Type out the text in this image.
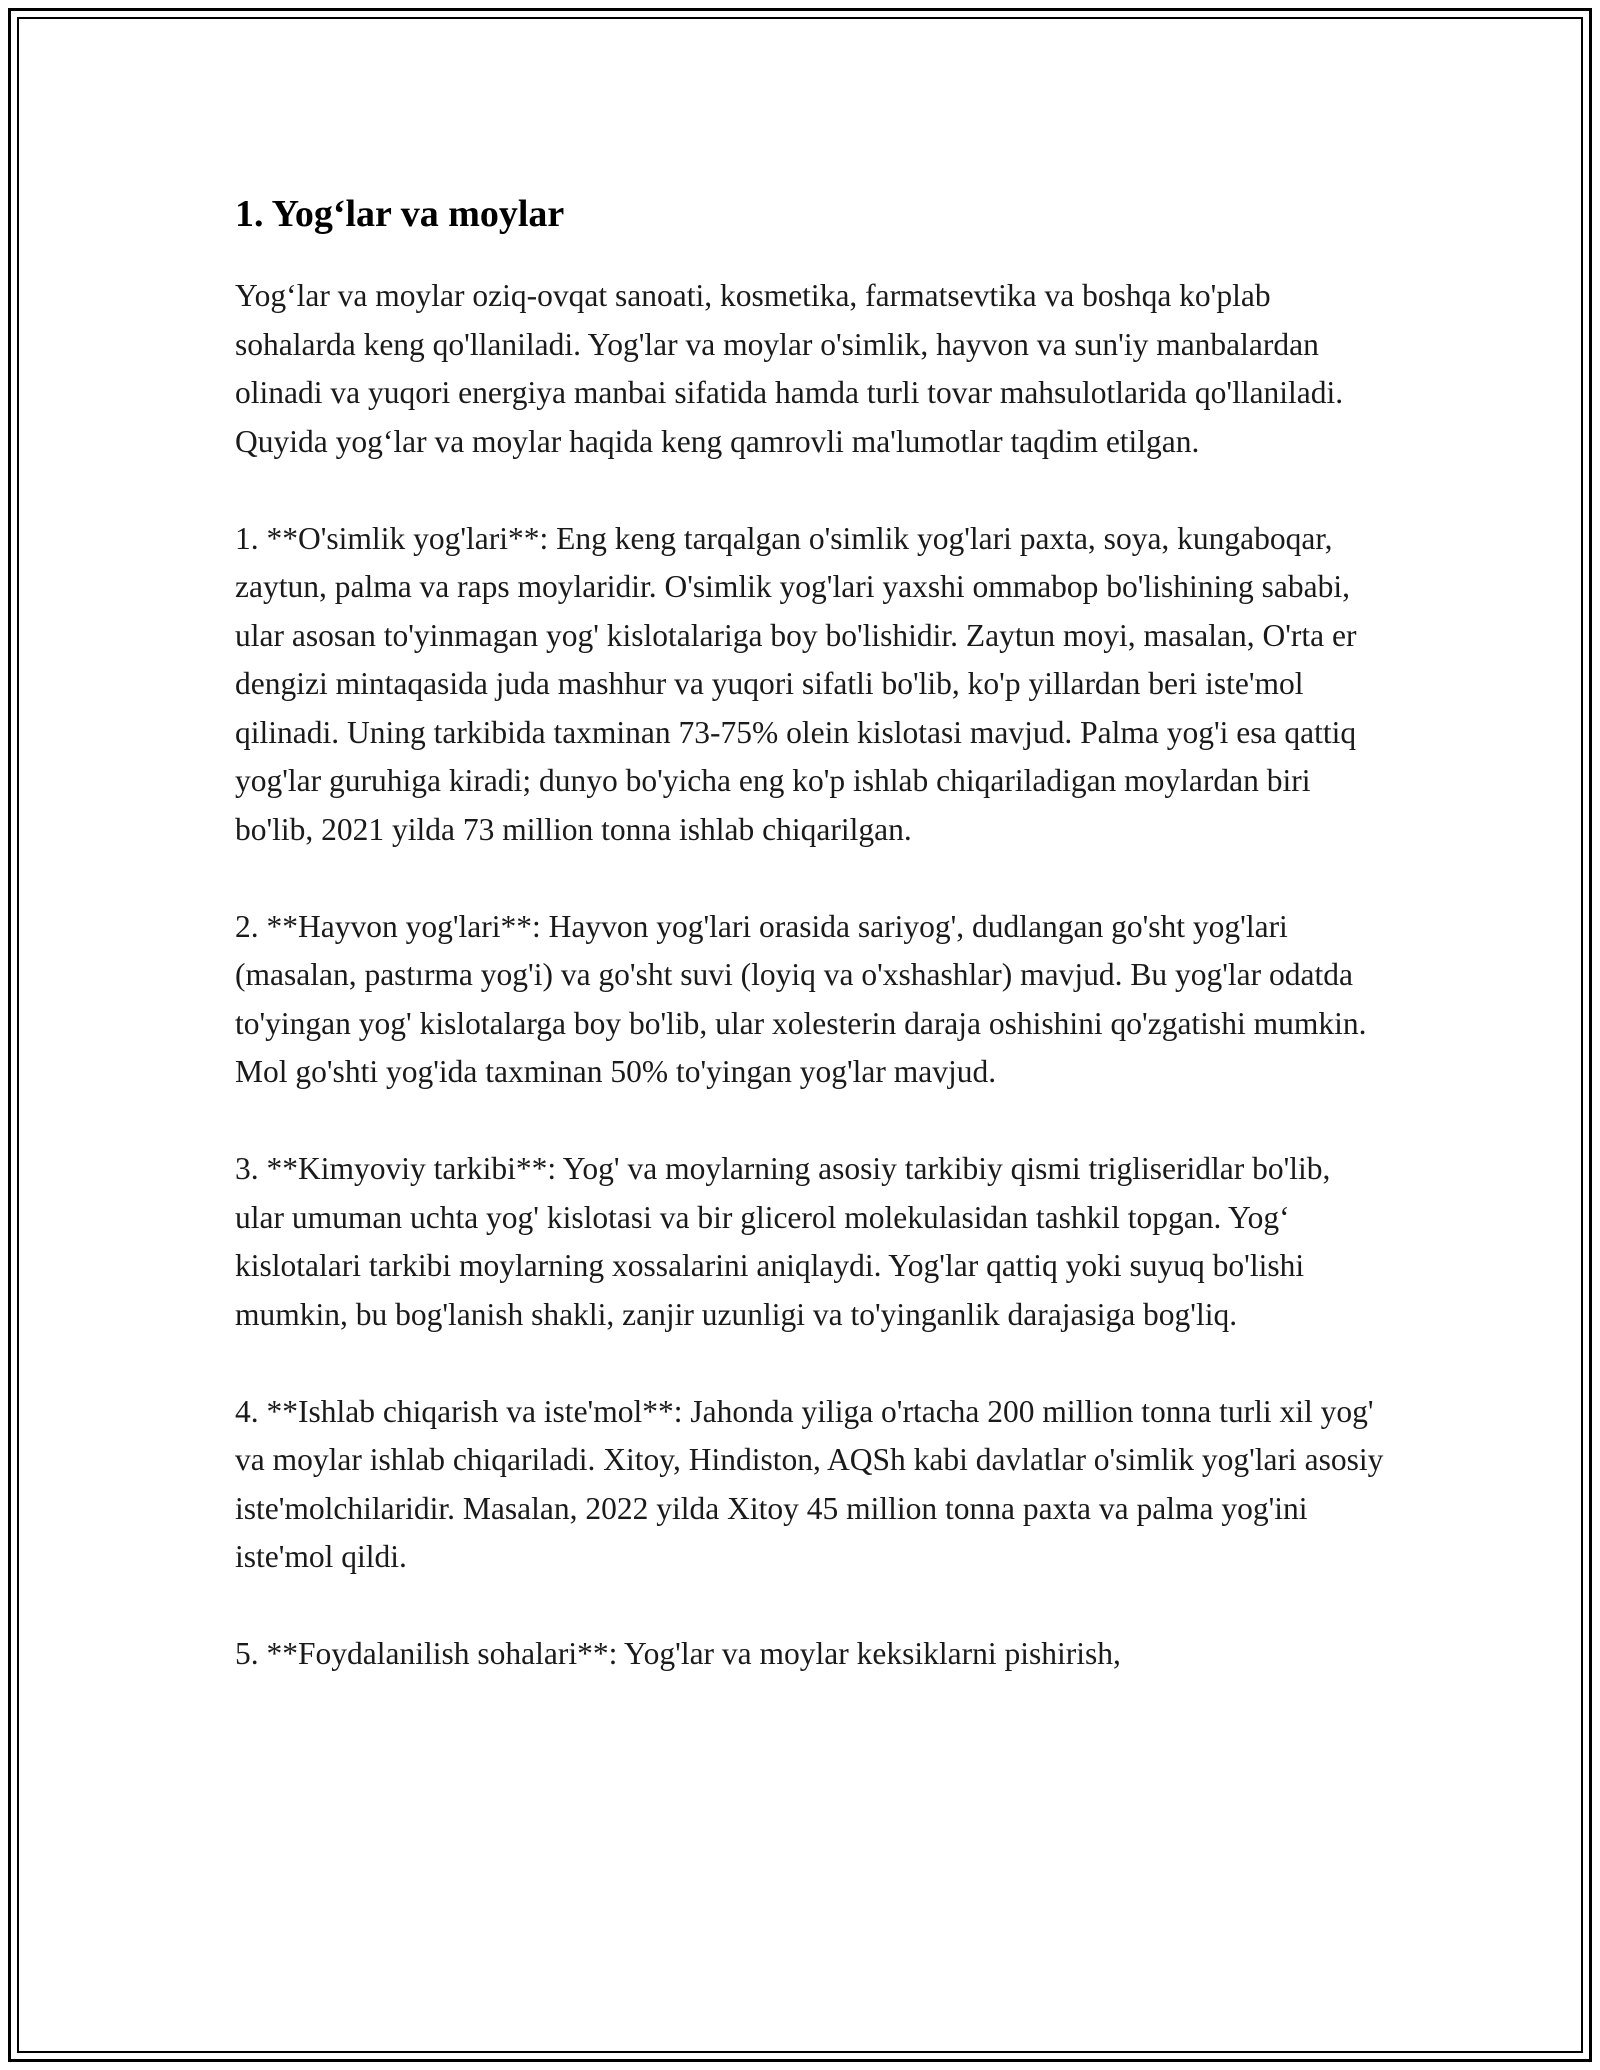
1. Yog‘lar va moylar

Yog‘lar va moylar oziq-ovqat sanoati, kosmetika, farmatsevtika va boshqa ko'plab sohalarda keng qo'llaniladi. Yog'lar va moylar o'simlik, hayvon va sun'iy manbalardan olinadi va yuqori energiya manbai sifatida hamda turli tovar mahsulotlarida qo'llaniladi. Quyida yog‘lar va moylar haqida keng qamrovli ma'lumotlar taqdim etilgan.

1. **O'simlik yog'lari**: Eng keng tarqalgan o'simlik yog'lari paxta, soya, kungaboqar, zaytun, palma va raps moylaridir. O'simlik yog'lari yaxshi ommabop bo'lishining sababi, ular asosan to'yinmagan yog' kislotalariga boy bo'lishidir. Zaytun moyi, masalan, O'rta er dengizi mintaqasida juda mashhur va yuqori sifatli bo'lib, ko'p yillardan beri iste'mol qilinadi. Uning tarkibida taxminan 73-75% olein kislotasi mavjud. Palma yog'i esa qattiq yog'lar guruhiga kiradi; dunyo bo'yicha eng ko'p ishlab chiqariladigan moylardan biri bo'lib, 2021 yilda 73 million tonna ishlab chiqarilgan.

2. **Hayvon yog'lari**: Hayvon yog'lari orasida sariyog', dudlangan go'sht yog'lari (masalan, pastırma yog'i) va go'sht suvi (loyiq va o'xshashlar) mavjud. Bu yog'lar odatda to'yingan yog' kislotalarga boy bo'lib, ular xolesterin daraja oshishini qo'zgatishi mumkin. Mol go'shti yog'ida taxminan 50% to'yingan yog'lar mavjud.

3. **Kimyoviy tarkibi**: Yog' va moylarning asosiy tarkibiy qismi trigliseridlar bo'lib, ular umuman uchta yog' kislotasi va bir glicerol molekulasidan tashkil topgan. Yog‘ kislotalari tarkibi moylarning xossalarini aniqlaydi. Yog'lar qattiq yoki suyuq bo'lishi mumkin, bu bog'lanish shakli, zanjir uzunligi va to'yinganlik darajasiga bog'liq.

4. **Ishlab chiqarish va iste'mol**: Jahonda yiliga o'rtacha 200 million tonna turli xil yog' va moylar ishlab chiqariladi. Xitoy, Hindiston, AQSh kabi davlatlar o'simlik yog'lari asosiy iste'molchilaridir. Masalan, 2022 yilda Xitoy 45 million tonna paxta va palma yog'ini iste'mol qildi.

5. **Foydalanilish sohalari**: Yog'lar va moylar keksiklarni pishirish,
